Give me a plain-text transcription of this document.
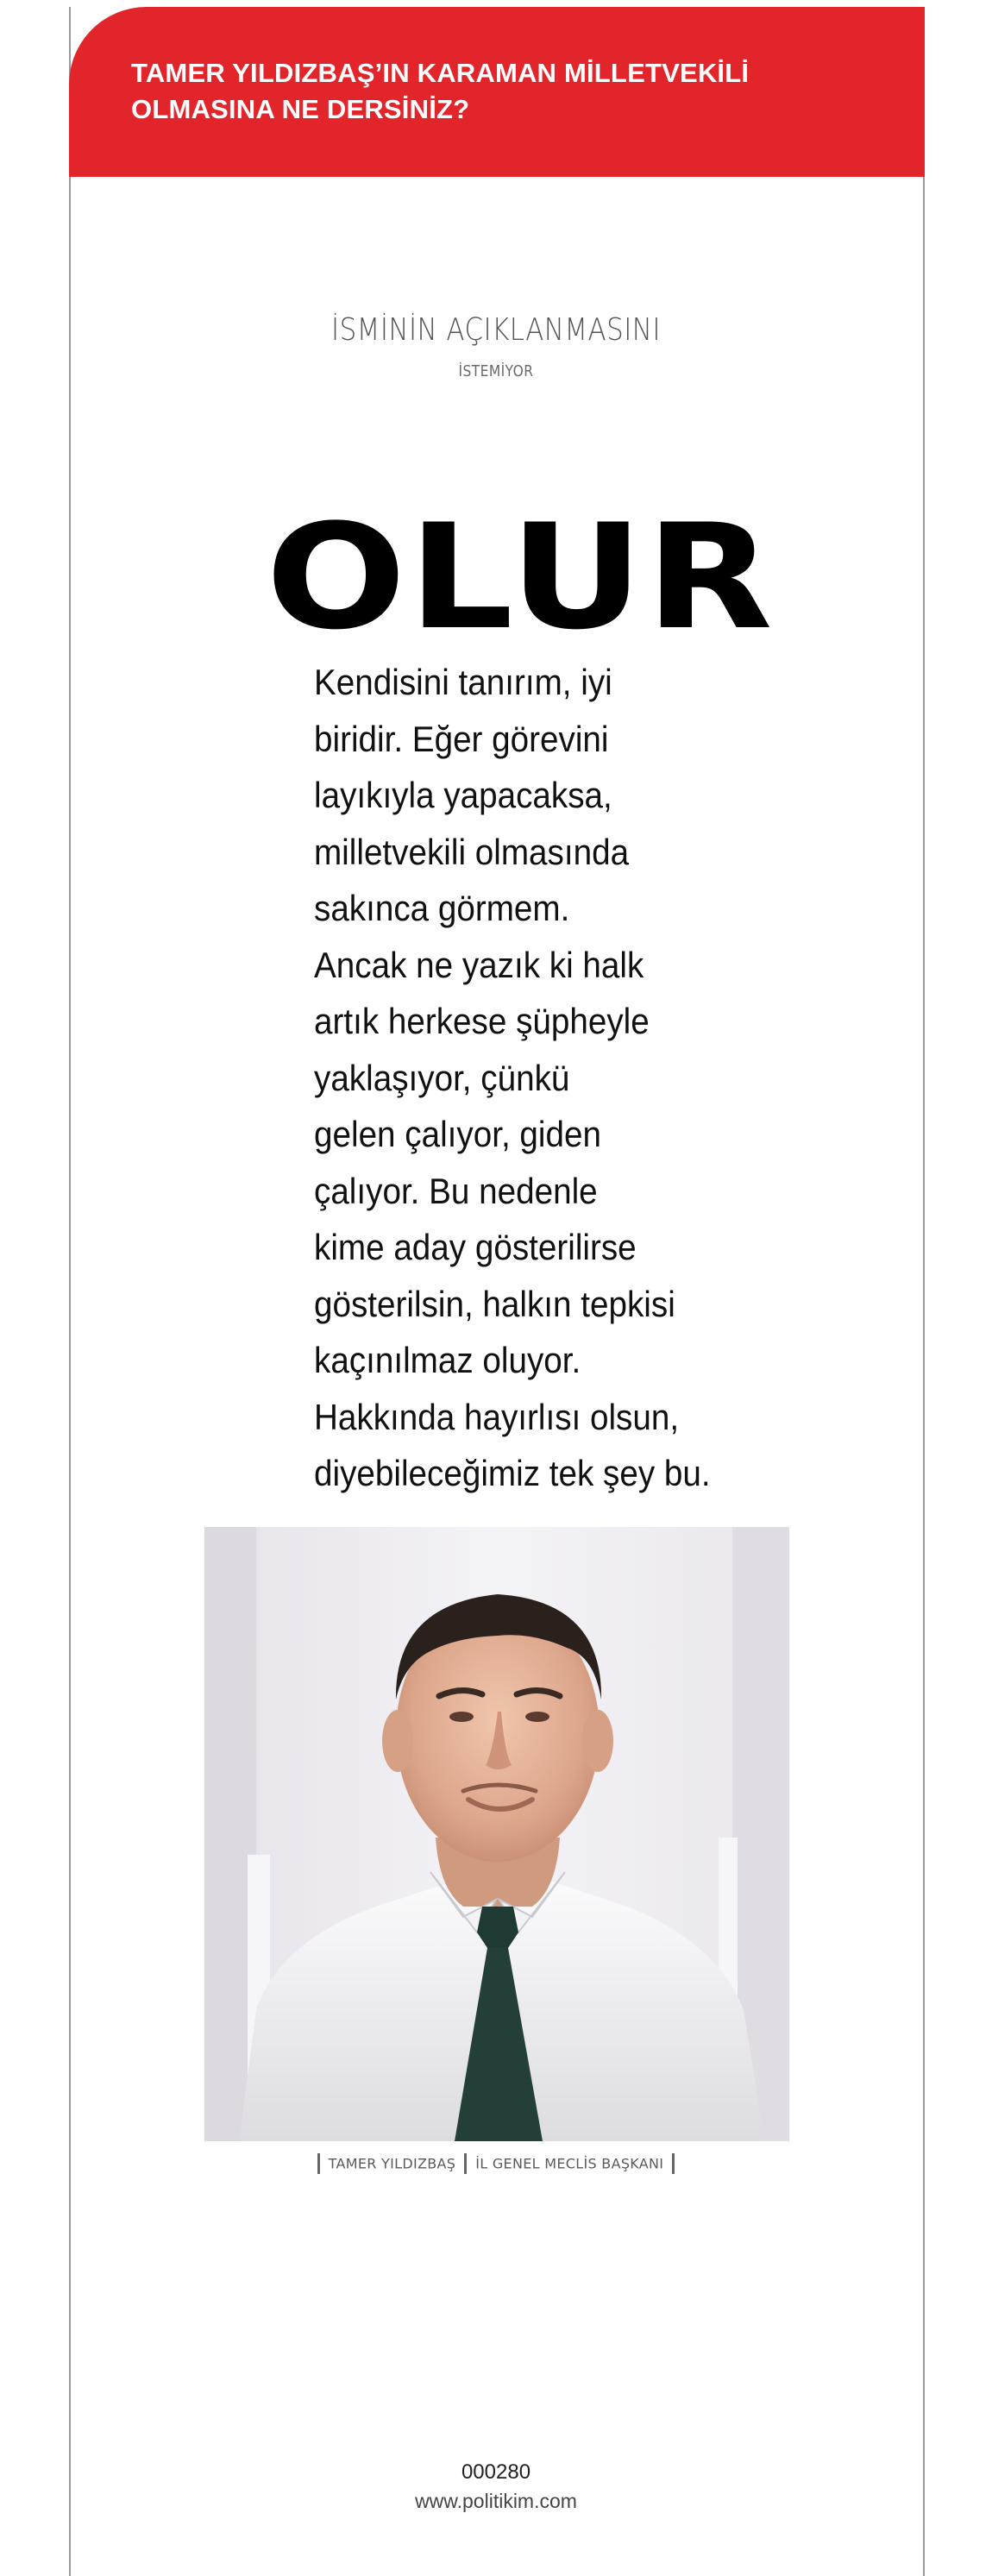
TAMER YILDIZBAŞ’IN KARAMAN MİLLETVEKİLİ OLMASINA NE DERSİNİZ?
İSMİNİN AÇIKLANMASINI
İSTEMİYOR
OLUR

Kendisini tanırım, iyi
biridir. Eğer görevini
layıkıyla yapacaksa,
milletvekili olmasında
sakınca görmem.
Ancak ne yazık ki halk
artık herkese şüpheyle
yaklaşıyor, çünkü
gelen çalıyor, giden
çalıyor. Bu nedenle
kime aday gösterilirse
gösterilsin, halkın tepkisi
kaçınılmaz oluyor.
Hakkında hayırlısı olsun,
diyebileceğimiz tek şey bu.

TAMER YILDIZBAŞ İL GENEL MECLİS BAŞKANI
000280
www.politikim.com
